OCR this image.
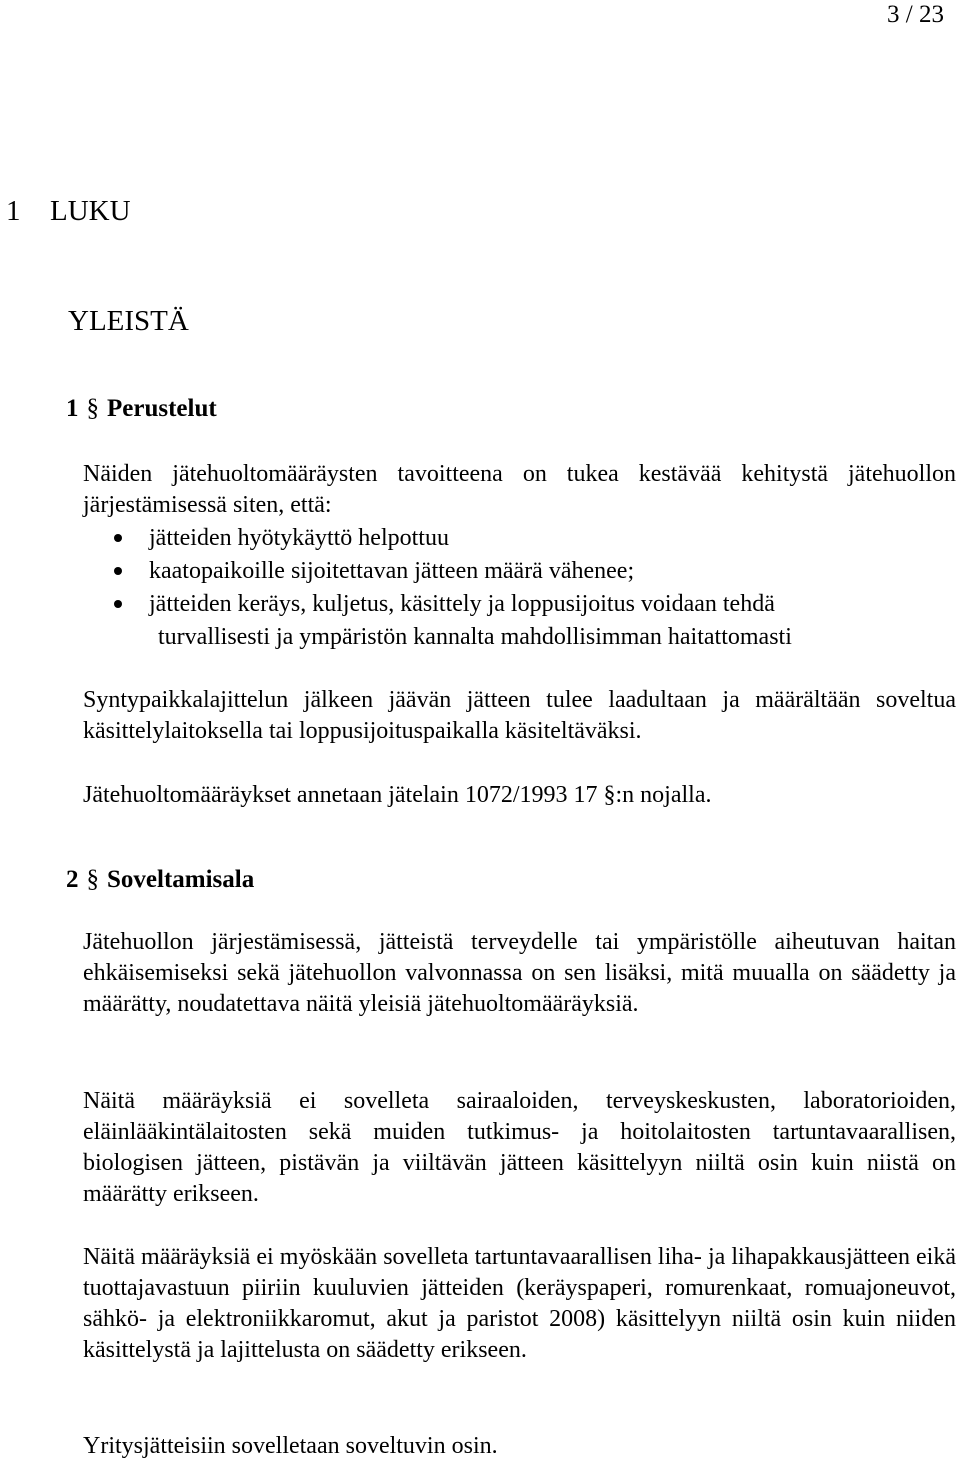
3 / 23
1 LUKU
YLEISTÄ
1 § Perustelut
Näiden jätehuoltomääräysten tavoitteena on tukea kestävää kehitystä jätehuollon järjestämisessä siten, että:
jätteiden hyötykäyttö helpottuu
kaatopaikoille sijoitettavan jätteen määrä vähenee;
jätteiden keräys, kuljetus, käsittely ja loppusijoitus voidaan tehdä
turvallisesti ja ympäristön kannalta mahdollisimman haitattomasti
Syntypaikkalajittelun jälkeen jäävän jätteen tulee laadultaan ja määrältään soveltua käsittelylaitoksella tai loppusijoituspaikalla käsiteltäväksi.
Jätehuoltomääräykset annetaan jätelain 1072/1993 17 §:n nojalla.
2 § Soveltamisala
Jätehuollon järjestämisessä, jätteistä terveydelle tai ympäristölle aiheutuvan haitan ehkäisemiseksi sekä jätehuollon valvonnassa on sen lisäksi, mitä muualla on säädetty ja määrätty, noudatettava näitä yleisiä jätehuoltomääräyksiä.
Näitä määräyksiä ei sovelleta sairaaloiden, terveyskeskusten, laboratorioiden, eläinlääkintälaitosten sekä muiden tutkimus- ja hoitolaitosten tartuntavaarallisen, biologisen jätteen, pistävän ja viiltävän jätteen käsittelyyn niiltä osin kuin niistä on määrätty erikseen.
Näitä määräyksiä ei myöskään sovelleta tartuntavaarallisen liha- ja lihapakkausjätteen eikä tuottajavastuun piiriin kuuluvien jätteiden (keräyspaperi, romurenkaat, romuajoneuvot, sähkö- ja elektroniikkaromut, akut ja paristot 2008) käsittelyyn niiltä osin kuin niiden käsittelystä ja lajittelusta on säädetty erikseen.
Yritysjätteisiin sovelletaan soveltuvin osin.
